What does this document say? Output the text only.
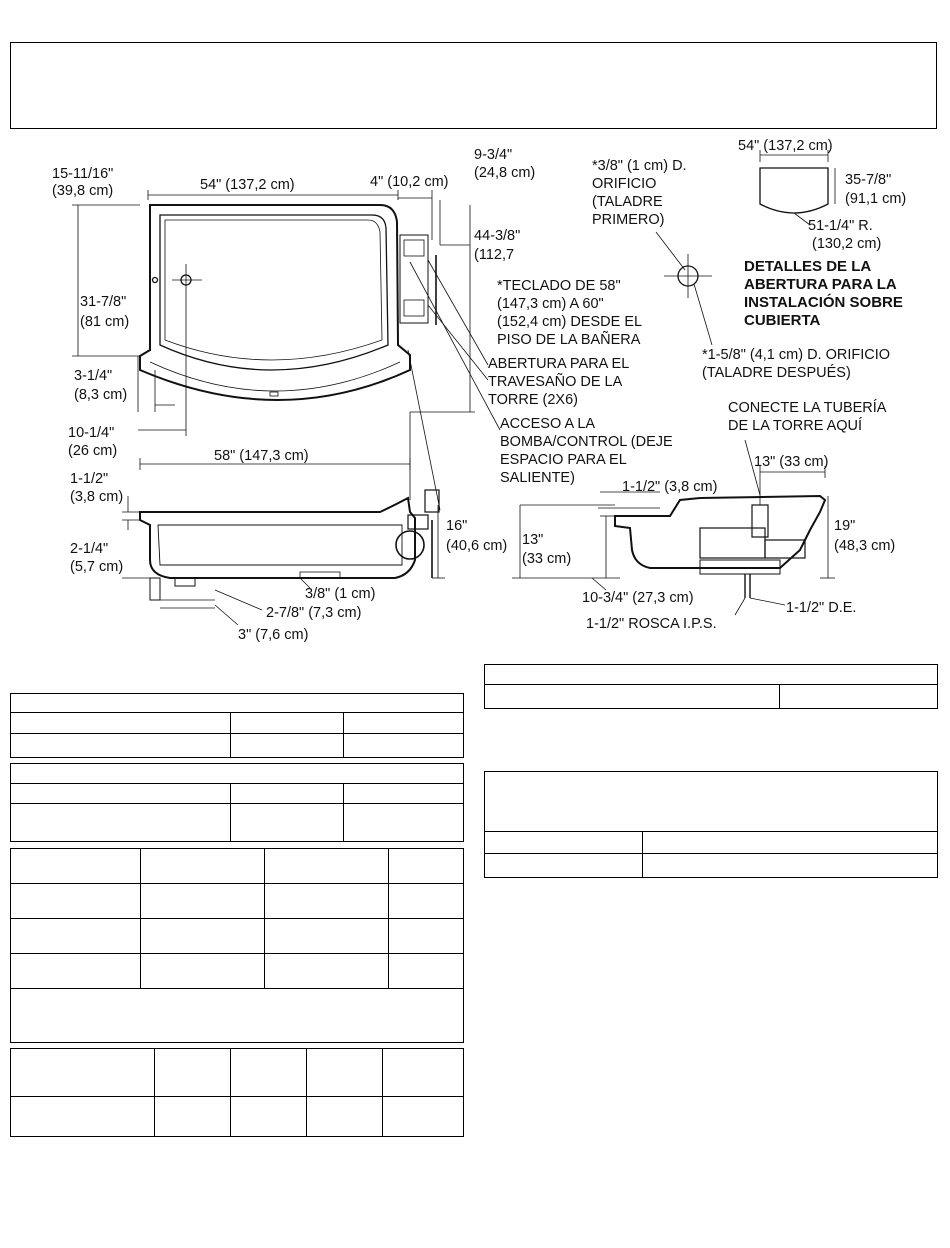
54" (137,2 cm)
15-11/16"
(39,8 cm)
31-7/8"
(81 cm)
3-1/4"
(8,3 cm)
10-1/4"
(26 cm)
4" (10,2 cm)
9-3/4"
(24,8 cm)
44-3/8"
(112,7
*TECLADO DE 58"
(147,3 cm) A 60"
(152,4 cm) DESDE EL
PISO DE LA BAÑERA
ABERTURA PARA EL
TRAVESAÑO DE LA
TORRE (2X6)
ACCESO A LA
BOMBA/CONTROL (DEJE
ESPACIO PARA EL
SALIENTE)
*3/8" (1 cm) D.
ORIFICIO
(TALADRE
PRIMERO)
*1-5/8" (4,1 cm) D. ORIFICIO
(TALADRE DESPUÉS)
54" (137,2 cm)
35-7/8"
(91,1 cm)
51-1/4" R.
(130,2 cm)
DETALLES DE LA
ABERTURA PARA LA
INSTALACIÓN SOBRE
CUBIERTA
58" (147,3 cm)
1-1/2"
(3,8 cm)
2-1/4"
(5,7 cm)
16"
(40,6 cm)
3/8" (1 cm)
2-7/8" (7,3 cm)
3" (7,6 cm)
CONECTE LA TUBERÍA
DE LA TORRE AQUÍ
13" (33 cm)
1-1/2" (3,8 cm)
13"
(33 cm)
19"
(48,3 cm)
10-3/4" (27,3 cm)
1-1/2" D.E.
1-1/2" ROSCA I.P.S.
